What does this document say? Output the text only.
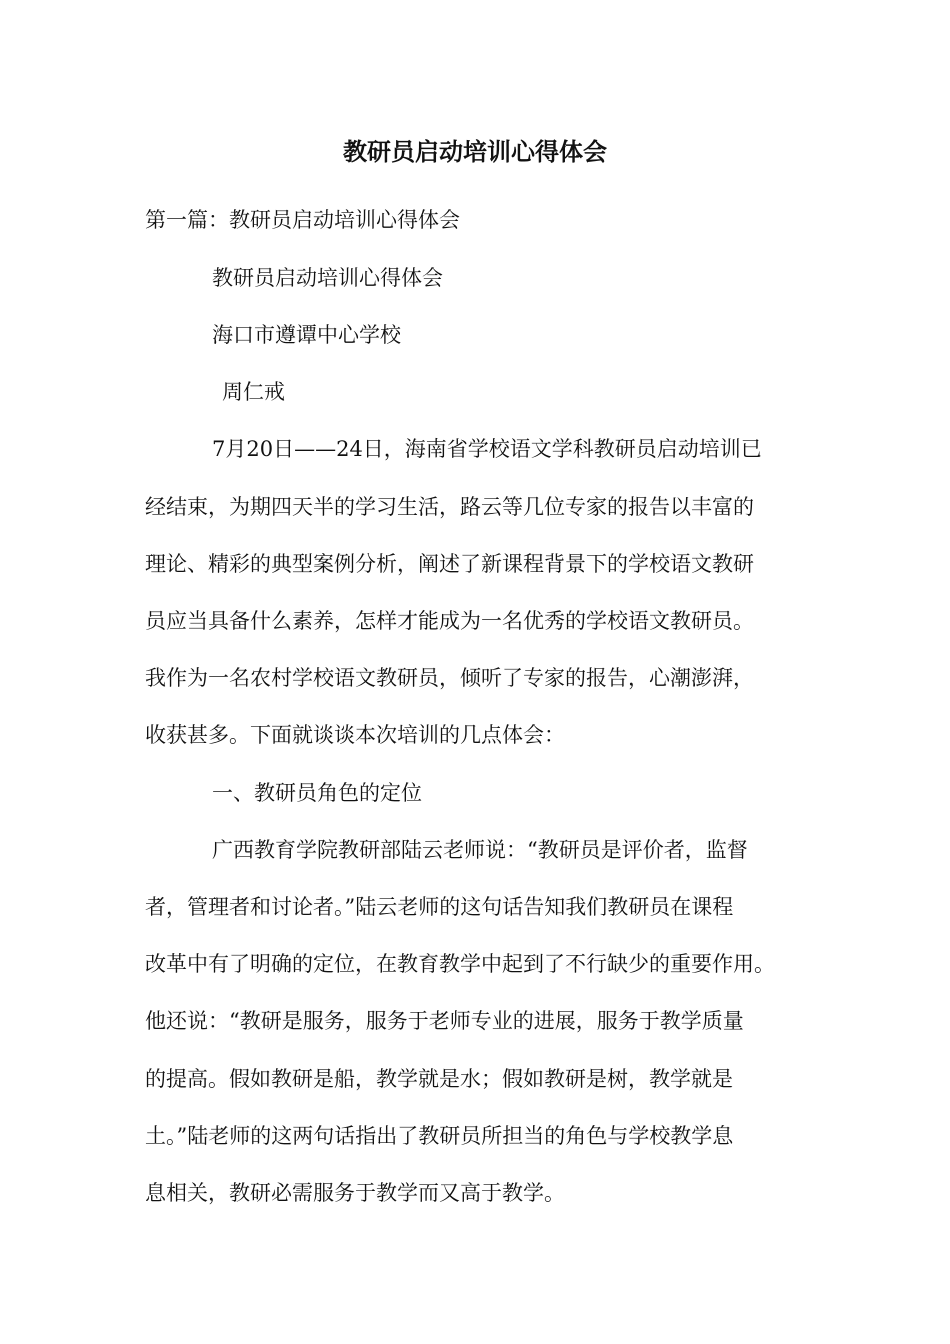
教研员启动培训心得体会
第一篇：教研员启动培训心得体会
教研员启动培训心得体会
海口市遵谭中心学校
周仁戒
7月20日——24日，海南省学校语文学科教研员启动培训已
经结束，为期四天半的学习生活，路云等几位专家的报告以丰富的
理论、精彩的典型案例分析，阐述了新课程背景下的学校语文教研
员应当具备什么素养，怎样才能成为一名优秀的学校语文教研员。
我作为一名农村学校语文教研员，倾听了专家的报告，心潮澎湃，
收获甚多。下面就谈谈本次培训的几点体会：
一、教研员角色的定位
广西教育学院教研部陆云老师说：“教研员是评价者，监督
者，管理者和讨论者。”陆云老师的这句话告知我们教研员在课程
改革中有了明确的定位，在教育教学中起到了不行缺少的重要作用。
他还说：“教研是服务，服务于老师专业的进展，服务于教学质量
的提高。假如教研是船，教学就是水；假如教研是树，教学就是
土。”陆老师的这两句话指出了教研员所担当的角色与学校教学息
息相关，教研必需服务于教学而又高于教学。
